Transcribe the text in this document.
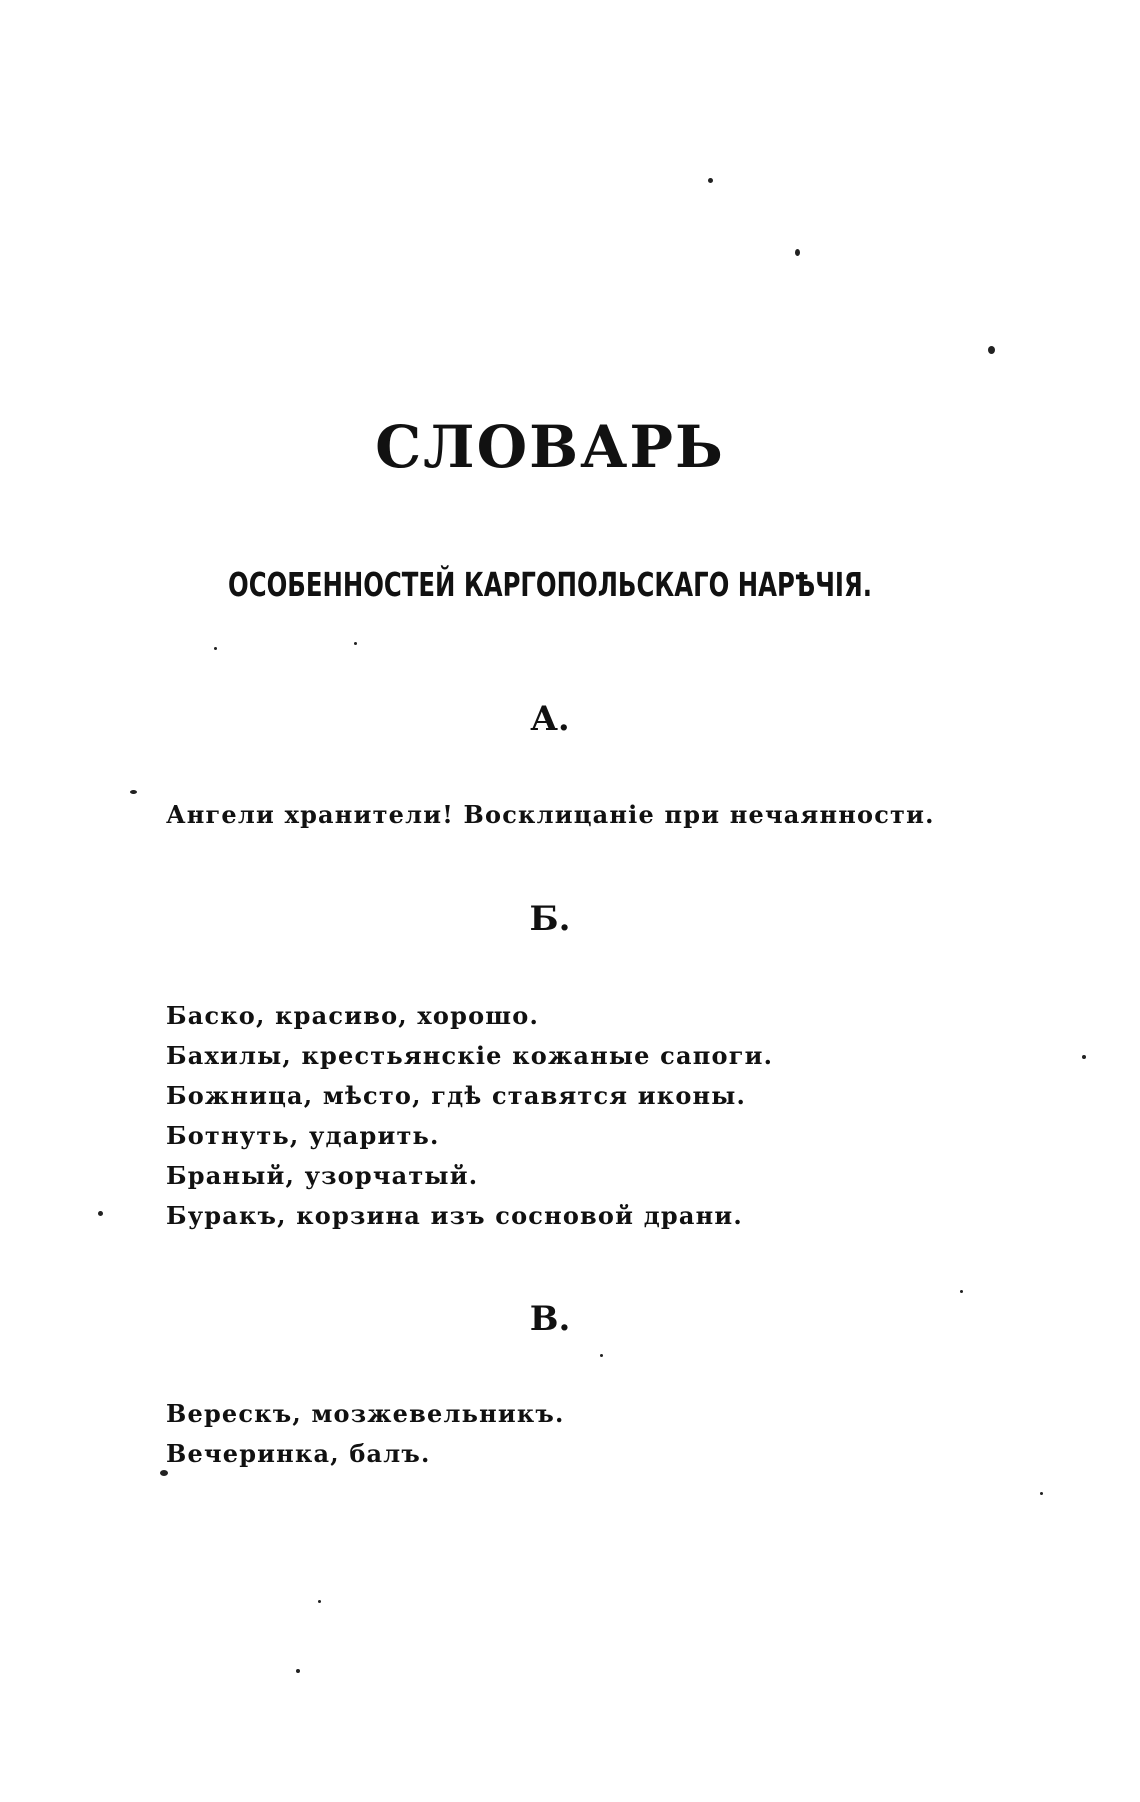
СЛОВАРЬ
ОСОБЕННОСТЕЙ КАРГОПОЛЬСКАГО НАРѢЧІЯ.
А.
Ангели хранители! Восклицаніе при нечаянности.
Б.
Баско, красиво, хорошо.
Бахилы, крестьянскіе кожаные сапоги.
Божница, мѣсто, гдѣ ставятся иконы.
Ботнуть, ударить.
Браный, узорчатый.
Буракъ, корзина изъ сосновой драни.
В.
Верескъ, мозжевельникъ.
Вечеринка, балъ.
